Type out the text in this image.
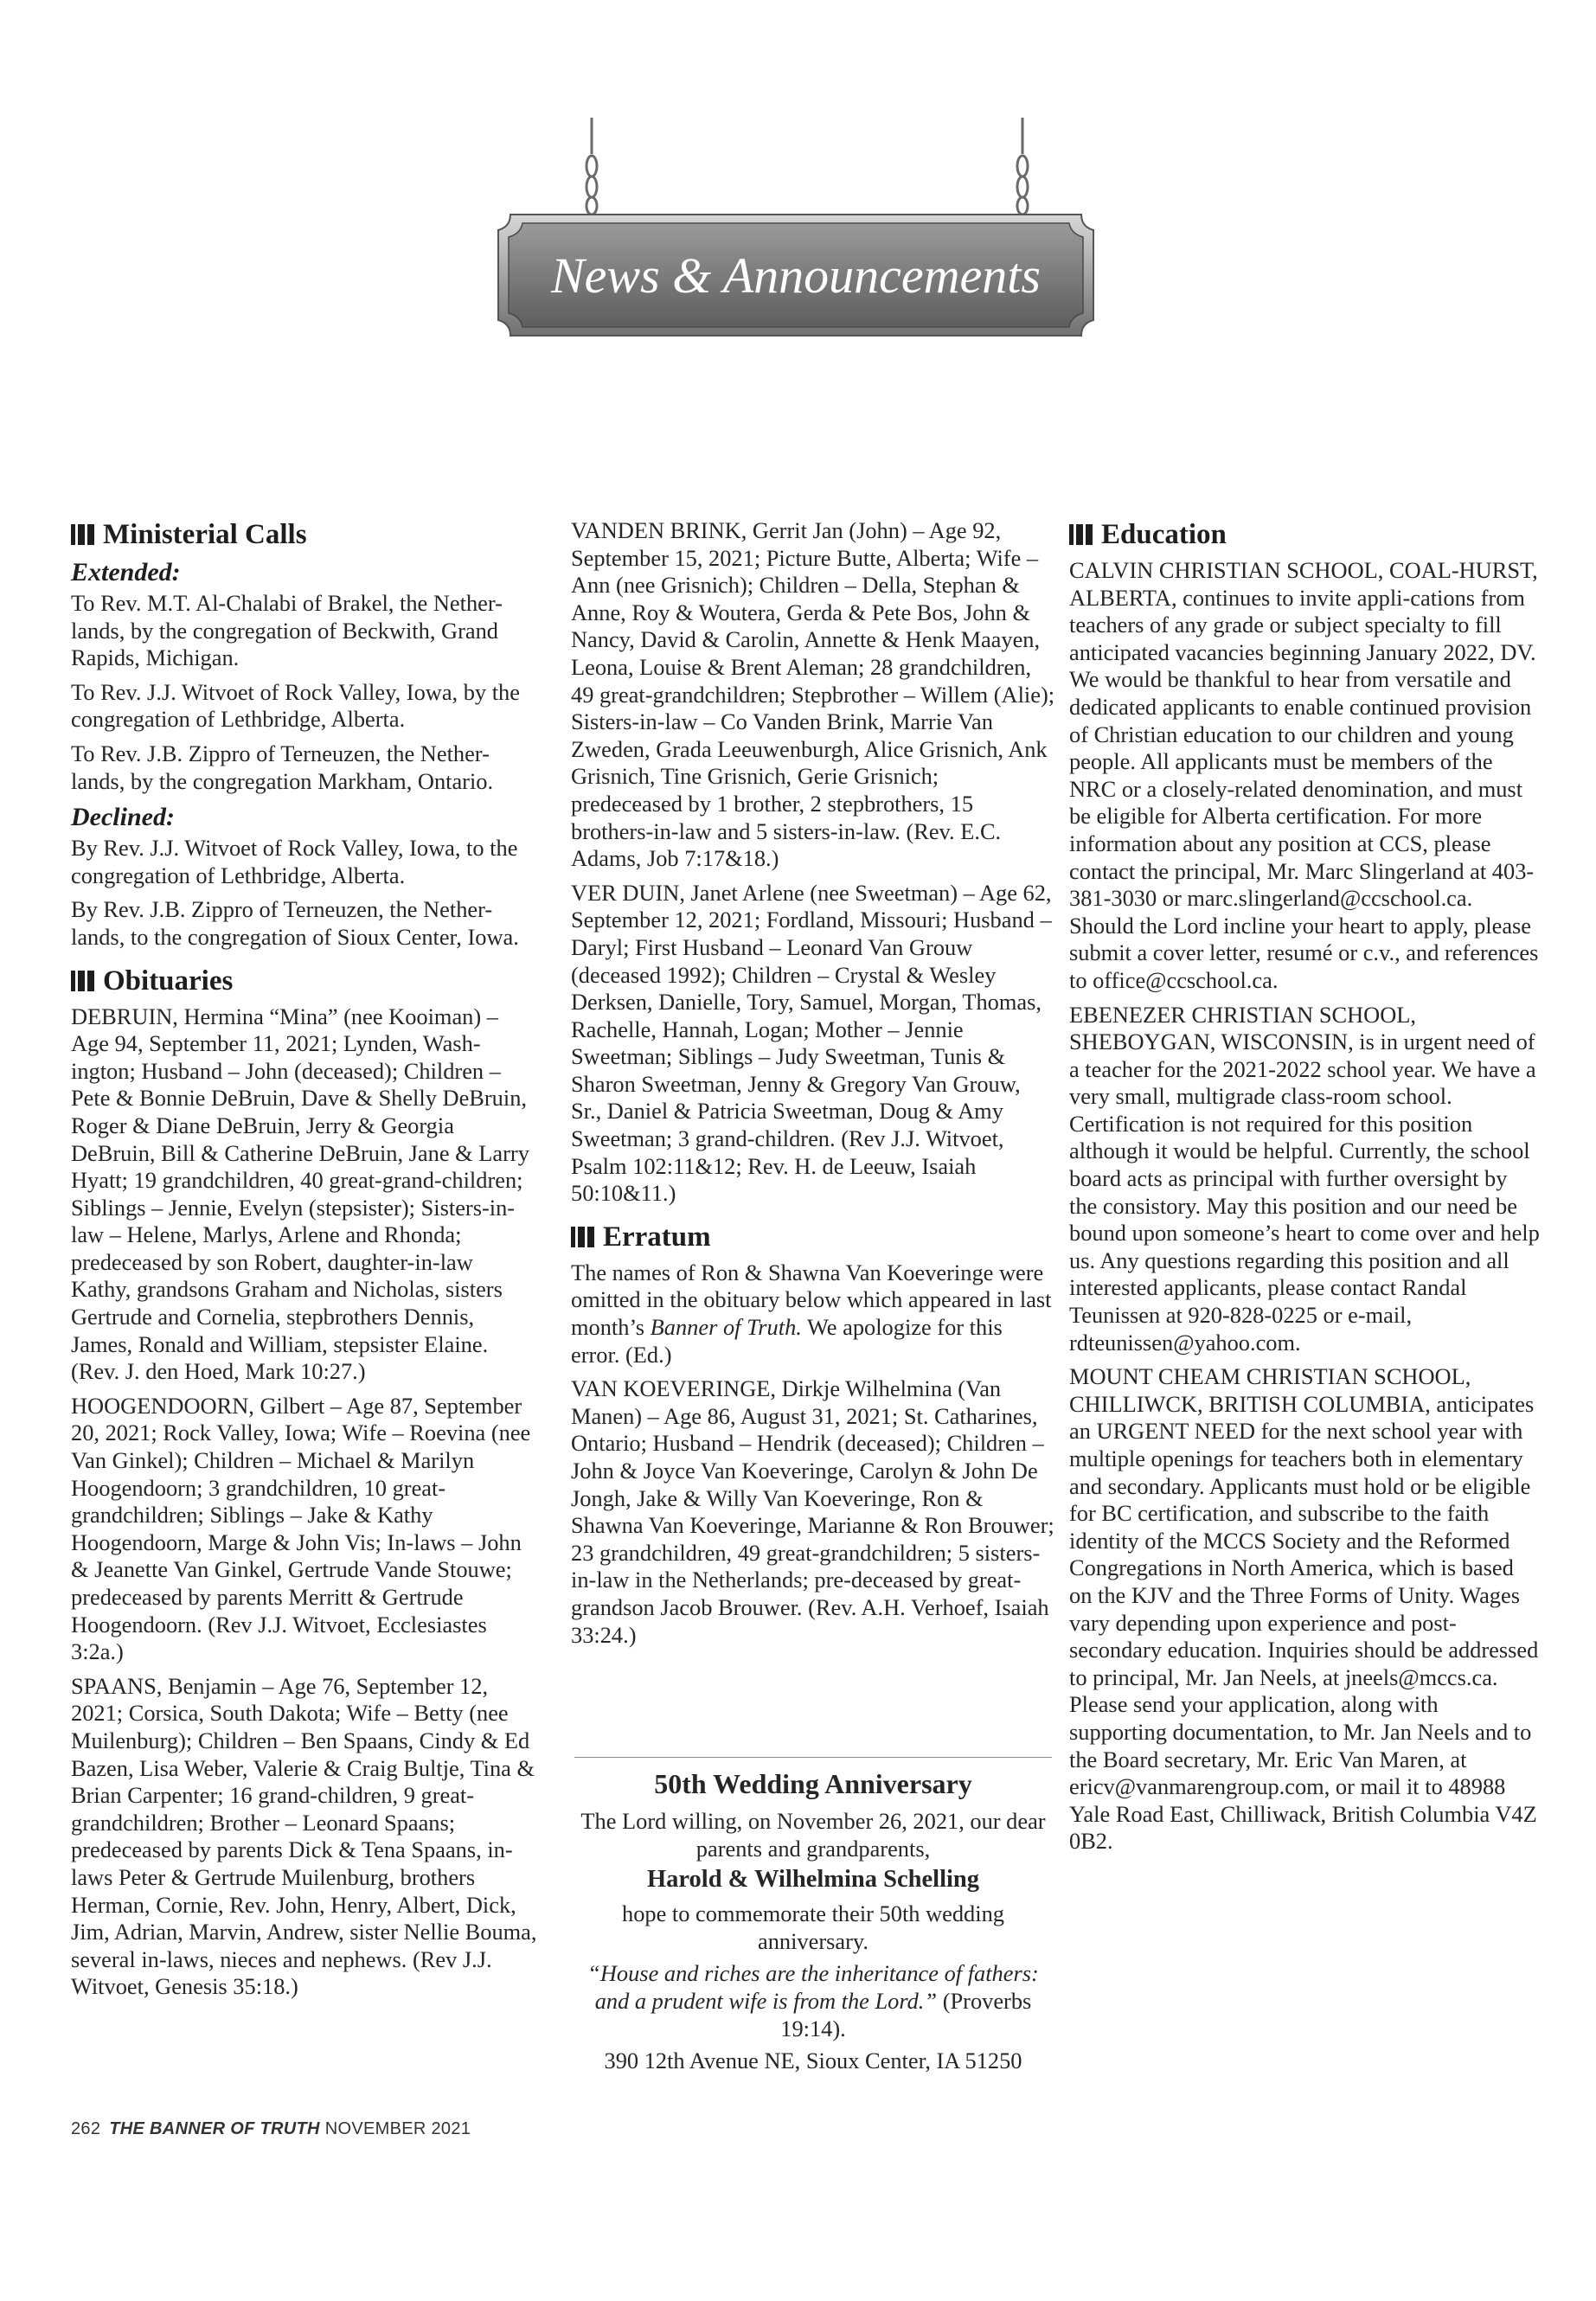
News & Announcements
Ministerial Calls
Extended:

To Rev. M.T. Al-Chalabi of Brakel, the Nether-lands, by the congregation of Beckwith, Grand Rapids, Michigan.

To Rev. J.J. Witvoet of Rock Valley, Iowa, by the congregation of Lethbridge, Alberta.

To Rev. J.B. Zippro of Terneuzen, the Nether-lands, by the congregation Markham, Ontario.

Declined:

By Rev. J.J. Witvoet of Rock Valley, Iowa, to the congregation of Lethbridge, Alberta.

By Rev. J.B. Zippro of Terneuzen, the Nether-lands, to the congregation of Sioux Center, Iowa.

Obituaries

DEBRUIN, Hermina “Mina” (nee Kooiman) – Age 94, September 11, 2021; Lynden, Wash-ington; Husband – John (deceased); Children – Pete & Bonnie DeBruin, Dave & Shelly DeBruin, Roger & Diane DeBruin, Jerry & Georgia DeBruin, Bill & Catherine DeBruin, Jane & Larry Hyatt; 19 grandchildren, 40 great-grand-children; Siblings – Jennie, Evelyn (stepsister); Sisters-in-law – Helene, Marlys, Arlene and Rhonda; predeceased by son Robert, daughter-in-law Kathy, grandsons Graham and Nicholas, sisters Gertrude and Cornelia, stepbrothers Dennis, James, Ronald and William, stepsister Elaine. (Rev. J. den Hoed, Mark 10:27.)

HOOGENDOORN, Gilbert – Age 87, September 20, 2021; Rock Valley, Iowa; Wife – Roevina (nee Van Ginkel); Children – Michael & Marilyn Hoogendoorn; 3 grandchildren, 10 great-grandchildren; Siblings – Jake & Kathy Hoogendoorn, Marge & John Vis; In-laws – John & Jeanette Van Ginkel, Gertrude Vande Stouwe; predeceased by parents Merritt & Gertrude Hoogendoorn. (Rev J.J. Witvoet, Ecclesiastes 3:2a.)

SPAANS, Benjamin – Age 76, September 12, 2021; Corsica, South Dakota; Wife – Betty (nee Muilenburg); Children – Ben Spaans, Cindy & Ed Bazen, Lisa Weber, Valerie & Craig Bultje, Tina & Brian Carpenter; 16 grand-children, 9 great-grandchildren; Brother – Leonard Spaans; predeceased by parents Dick & Tena Spaans, in-laws Peter & Gertrude Muilenburg, brothers Herman, Cornie, Rev. John, Henry, Albert, Dick, Jim, Adrian, Marvin, Andrew, sister Nellie Bouma, several in-laws, nieces and nephews. (Rev J.J. Witvoet, Genesis 35:18.)

VANDEN BRINK, Gerrit Jan (John) – Age 92, September 15, 2021; Picture Butte, Alberta; Wife – Ann (nee Grisnich); Children – Della, Stephan & Anne, Roy & Woutera, Gerda & Pete Bos, John & Nancy, David & Carolin, Annette & Henk Maayen, Leona, Louise & Brent Aleman; 28 grandchildren, 49 great-grandchildren; Stepbrother – Willem (Alie); Sisters-in-law – Co Vanden Brink, Marrie Van Zweden, Grada Leeuwenburgh, Alice Grisnich, Ank Grisnich, Tine Grisnich, Gerie Grisnich; predeceased by 1 brother, 2 stepbrothers, 15 brothers-in-law and 5 sisters-in-law. (Rev. E.C. Adams, Job 7:17&18.)

VER DUIN, Janet Arlene (nee Sweetman) – Age 62, September 12, 2021; Fordland, Missouri; Husband – Daryl; First Husband – Leonard Van Grouw (deceased 1992); Children – Crystal & Wesley Derksen, Danielle, Tory, Samuel, Morgan, Thomas, Rachelle, Hannah, Logan; Mother – Jennie Sweetman; Siblings – Judy Sweetman, Tunis & Sharon Sweetman, Jenny & Gregory Van Grouw, Sr., Daniel & Patricia Sweetman, Doug & Amy Sweetman; 3 grand-children. (Rev J.J. Witvoet, Psalm 102:11&12; Rev. H. de Leeuw, Isaiah 50:10&11.)

Erratum

The names of Ron & Shawna Van Koeveringe were omitted in the obituary below which appeared in last month’s Banner of Truth. We apologize for this error. (Ed.)

VAN KOEVERINGE, Dirkje Wilhelmina (Van Manen) – Age 86, August 31, 2021; St. Catharines, Ontario; Husband – Hendrik (deceased); Children – John & Joyce Van Koeveringe, Carolyn & John De Jongh, Jake & Willy Van Koeveringe, Ron & Shawna Van Koeveringe, Marianne & Ron Brouwer; 23 grandchildren, 49 great-grandchildren; 5 sisters-in-law in the Netherlands; pre-deceased by great-grandson Jacob Brouwer. (Rev. A.H. Verhoef, Isaiah 33:24.)

50th Wedding Anniversary
The Lord willing, on November 26, 2021, our dear parents and grandparents,
Harold & Wilhelmina Schelling
hope to commemorate their 50th wedding anniversary.
“House and riches are the inheritance of fathers: and a prudent wife is from the Lord.” (Proverbs 19:14).
390 12th Avenue NE, Sioux Center, IA 51250
Education

CALVIN CHRISTIAN SCHOOL, COAL-HURST, ALBERTA, continues to invite appli-cations from teachers of any grade or subject specialty to fill anticipated vacancies beginning January 2022, DV. We would be thankful to hear from versatile and dedicated applicants to enable continued provision of Christian education to our children and young people. All applicants must be members of the NRC or a closely-related denomination, and must be eligible for Alberta certification. For more information about any position at CCS, please contact the principal, Mr. Marc Slingerland at 403-381-3030 or marc.slingerland@ccschool.ca. Should the Lord incline your heart to apply, please submit a cover letter, resumé or c.v., and references to office@ccschool.ca.

EBENEZER CHRISTIAN SCHOOL, SHEBOYGAN, WISCONSIN, is in urgent need of a teacher for the 2021-2022 school year. We have a very small, multigrade class-room school. Certification is not required for this position although it would be helpful. Currently, the school board acts as principal with further oversight by the consistory. May this position and our need be bound upon someone’s heart to come over and help us. Any questions regarding this position and all interested applicants, please contact Randal Teunissen at 920-828-0225 or e-mail, rdteunissen@yahoo.com.

MOUNT CHEAM CHRISTIAN SCHOOL, CHILLIWCK, BRITISH COLUMBIA, anticipates an URGENT NEED for the next school year with multiple openings for teachers both in elementary and secondary. Applicants must hold or be eligible for BC certification, and subscribe to the faith identity of the MCCS Society and the Reformed Congregations in North America, which is based on the KJV and the Three Forms of Unity. Wages vary depending upon experience and post-secondary education. Inquiries should be addressed to principal, Mr. Jan Neels, at jneels@mccs.ca. Please send your application, along with supporting documentation, to Mr. Jan Neels and to the Board secretary, Mr. Eric Van Maren, at ericv@vanmarengroup.com, or mail it to 48988 Yale Road East, Chilliwack, British Columbia V4Z 0B2.

262 THE BANNER OF TRUTH NOVEMBER 2021
